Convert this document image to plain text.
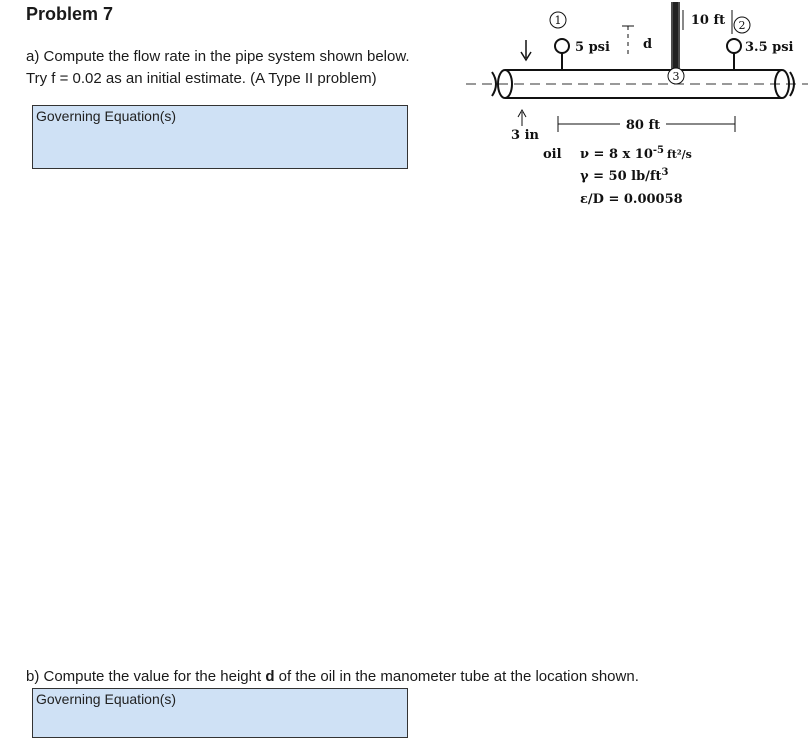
Problem 7
a) Compute the flow rate in the pipe system shown below.
Try f = 0.02 as an initial estimate. (A Type II problem)
Governing Equation(s)
b) Compute the value for the height d of the oil in the manometer tube at the location shown.
Governing Equation(s)
1
5 psi	d
3
10 ft 2
3.5 psi
3 in
80 ft
oil ν = 8 x $10^{-5}$ $_{ft^2/s}$
γ = 50 $lb/ft^3$
ε/D = 0.00058
